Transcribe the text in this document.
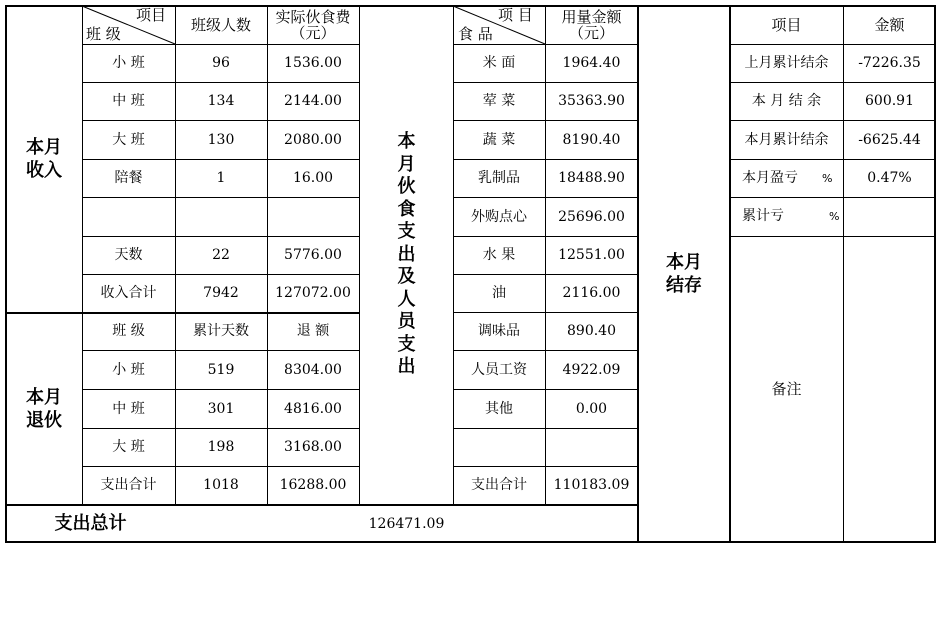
本月
收入
项目
班 级
班级人数	实际伙食费
（元）
小 班	96	1536.00
中 班	134	2144.00
大 班	130	2080.00
陪餐	1	16.00
天数	22	5776.00
收入合计	7942	127072.00
本月
退伙
班 级	累计天数	退 额
小 班	519	8304.00
中 班	301	4816.00
大 班	198	3168.00
支出合计	1018	16288.00
支出总计	126471.09
本
月
伙
食
支
出
及
人
员
支
出
项 目
食 品
用量金额
（元）
米 面	1964.40
荤 菜	35363.90
蔬 菜	8190.40
乳制品	18488.90
外购点心	25696.00
水 果	12551.00
油	2116.00
调味品	890.40
人员工资	4922.09
其他	0.00
支出合计	110183.09
本月
结存
项目	金额
上月累计结余	-7226.35
本 月 结 余	600.91
本月累计结余	-6625.44
本月盈亏 %	0.47%
累计亏	%
备注
